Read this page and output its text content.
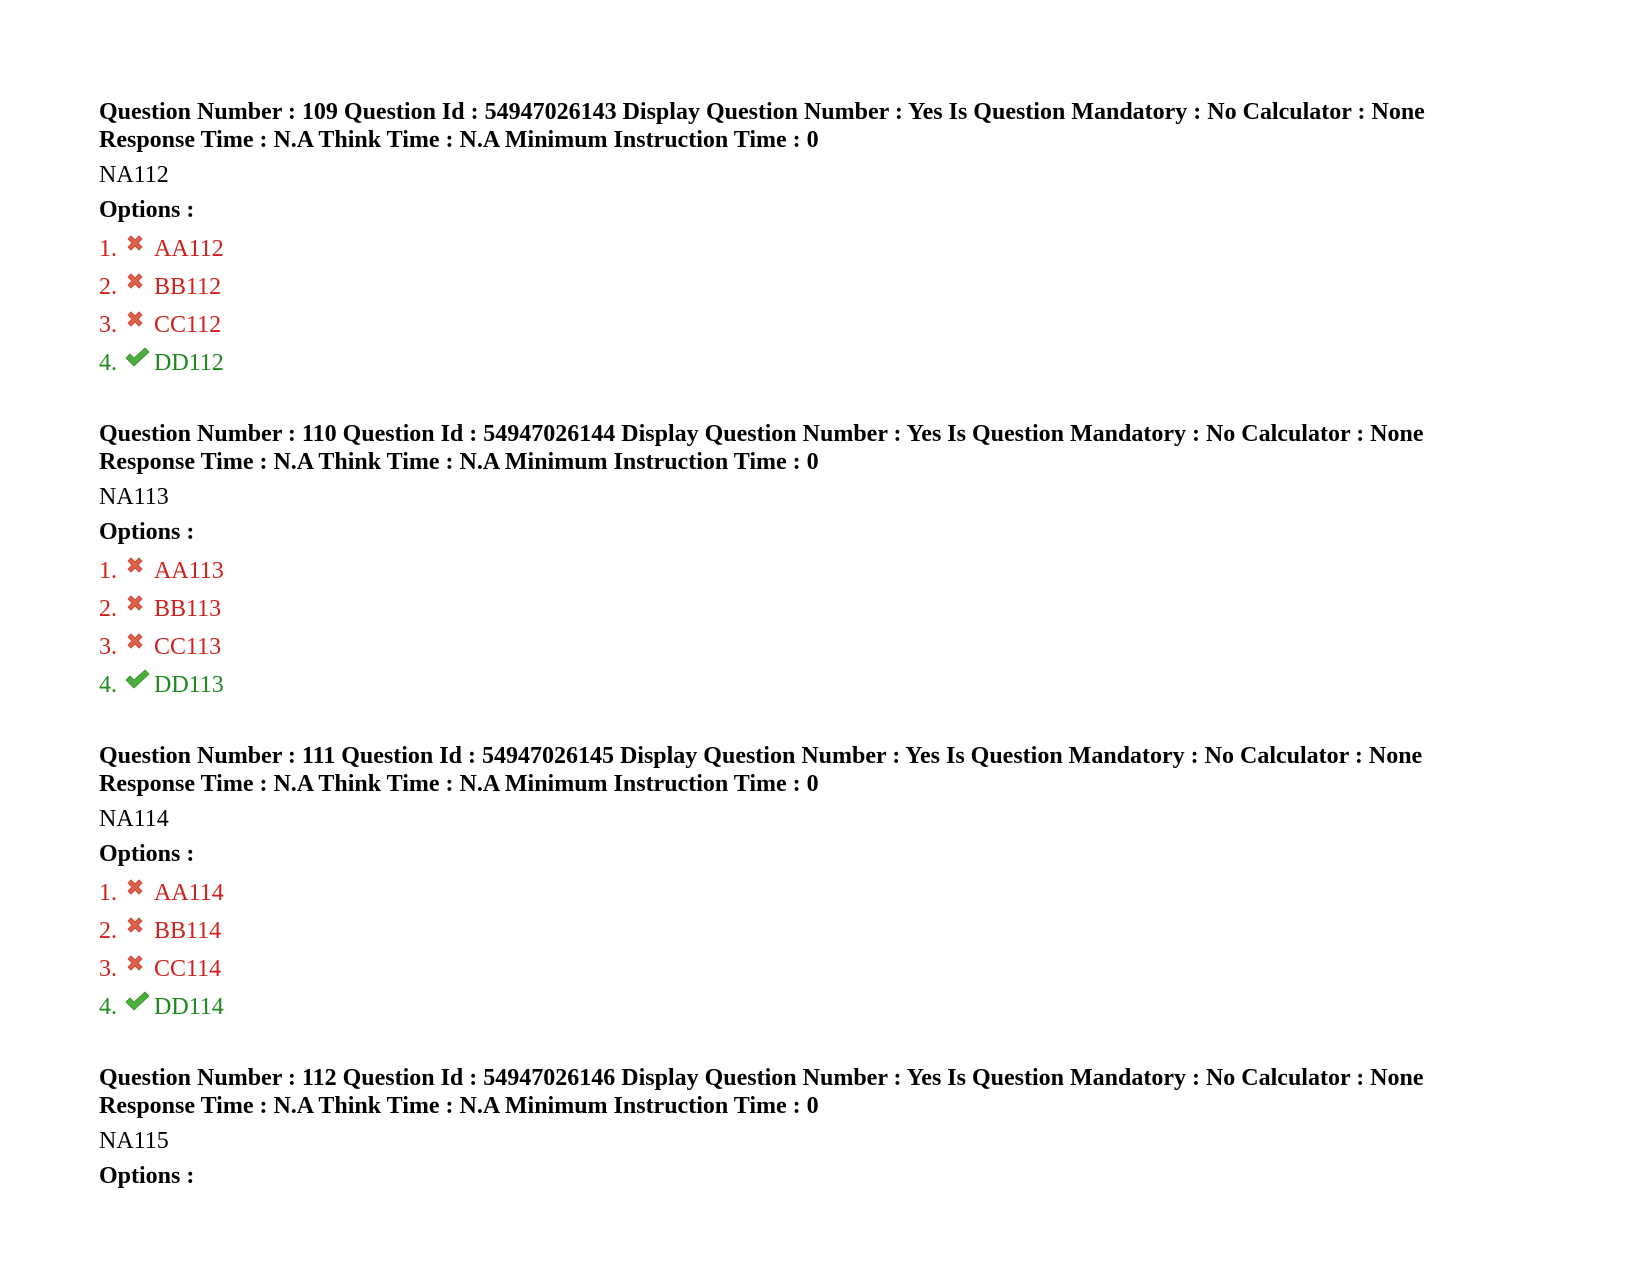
Question Number : 109 Question Id : 54947026143 Display Question Number : Yes Is Question Mandatory : No Calculator : None
Response Time : N.A Think Time : N.A Minimum Instruction Time : 0
NA112
Options :
1. AA112
2. BB112
3. CC112
4. DD112
Question Number : 110 Question Id : 54947026144 Display Question Number : Yes Is Question Mandatory : No Calculator : None
Response Time : N.A Think Time : N.A Minimum Instruction Time : 0
NA113
Options :
1. AA113
2. BB113
3. CC113
4. DD113
Question Number : 111 Question Id : 54947026145 Display Question Number : Yes Is Question Mandatory : No Calculator : None
Response Time : N.A Think Time : N.A Minimum Instruction Time : 0
NA114
Options :
1. AA114
2. BB114
3. CC114
4. DD114
Question Number : 112 Question Id : 54947026146 Display Question Number : Yes Is Question Mandatory : No Calculator : None
Response Time : N.A Think Time : N.A Minimum Instruction Time : 0
NA115
Options :
